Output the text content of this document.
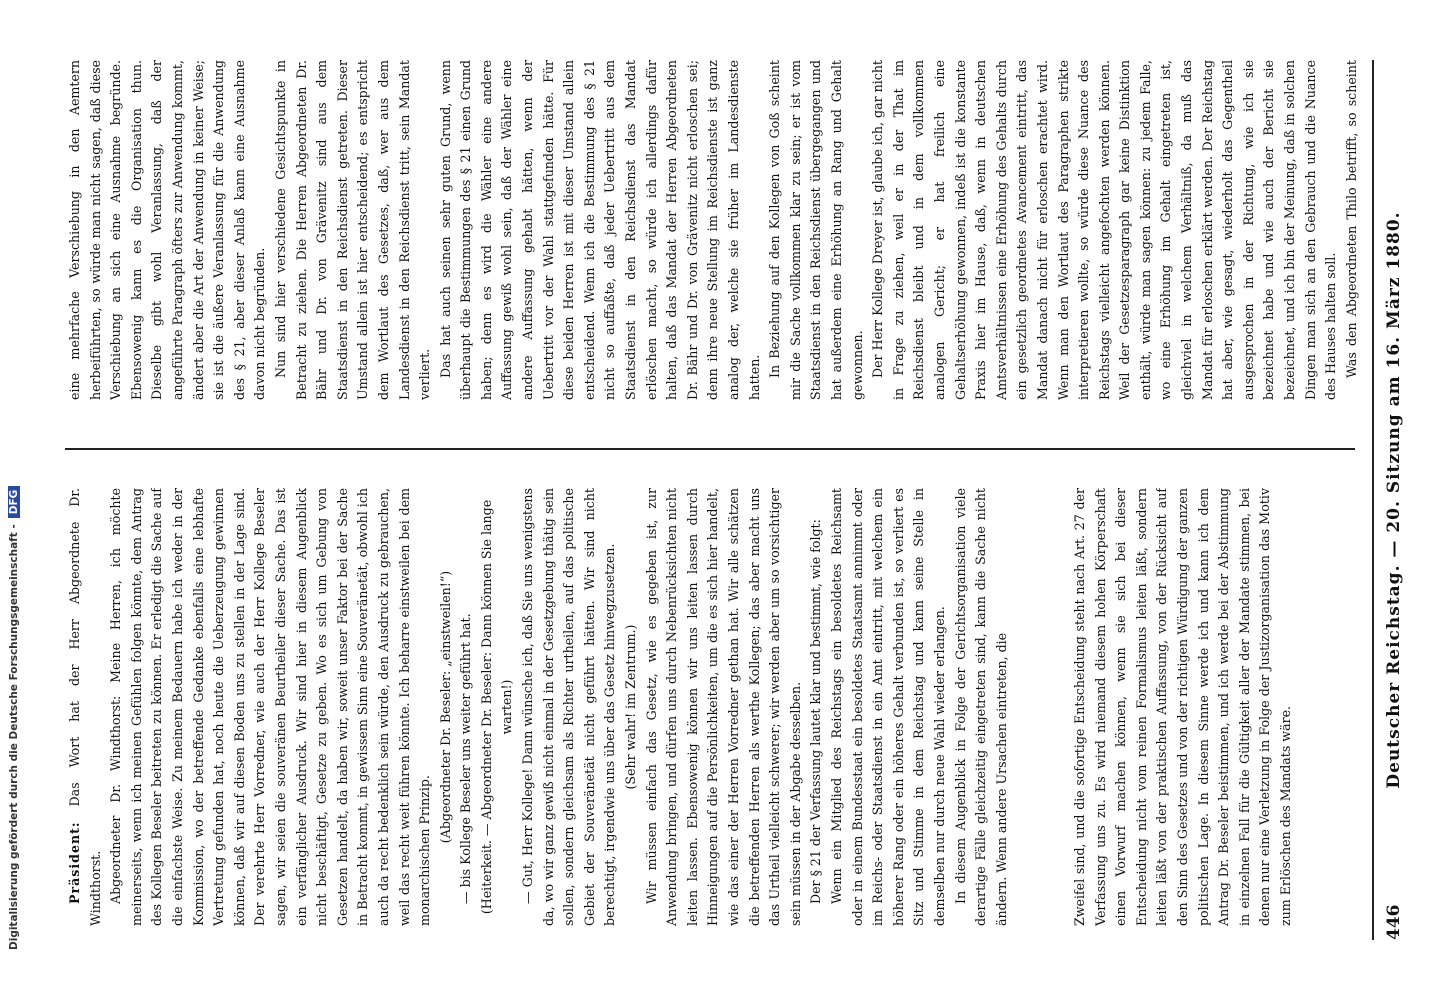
446
Deutscher Reichstag. — 20. Sitzung am 16. März 1880.

Zweifel sind, und die sofortige Entscheidung steht nach Art. 27 der Verfassung uns zu. Es wird niemand diesem hohen Körperschaft einen Vorwurf machen können, wenn sie sich bei dieser Entscheidung nicht vom reinen Formalismus leiten läßt, sondern leiten läßt von der praktischen Auffassung, von der Rücksicht auf den Sinn des Gesetzes und von der richtigen Würdigung der ganzen politischen Lage. In diesem Sinne werde ich und kann ich dem Antrag Dr. Beseler beistimmen, und ich werde bei der Abstimmung in einzelnen Fall für die Gültigkeit aller der Mandate stimmen, bei denen nur eine Verletzung in Folge der Justizorganisation das Motiv zum Erlöschen des Mandats wäre.

Präsident: Das Wort hat der Herr Abgeordnete Dr. Windthorst. Abgeordneter Dr. Windthorst: Meine Herren, ich möchte meinerseits, wenn ich meinen Gefühlen folgen könnte, dem Antrag des Kollegen Beseler beitreten zu können. Er erledigt die Sache auf die einfachste Weise. Zu meinem Bedauern habe ich weder in der Kommission, wo der betreffende Gedanke ebenfalls eine lebhafte Vertretung gefunden hat, noch heute die Ueberzeugung gewinnen können, daß wir auf diesen Boden uns zu stellen in der Lage sind. Der verehrte Herr Vorredner, wie auch der Herr Kollege Beseler sagen, wir seien die souveränen Beurtheiler dieser Sache. Das ist ein verfänglicher Ausdruck. Wir sind hier in diesem Augenblick nicht beschäftigt, Gesetze zu geben. Wo es sich um Gebung von Gesetzen handelt, da haben wir, soweit unser Faktor bei der Sache in Betracht kommt, in gewissem Sinn eine Souveränetät, obwohl ich auch da recht bedenklich sein würde, den Ausdruck zu gebrauchen, weil das recht weit führen könnte. Ich beharre einstweilen bei dem monarchischen Prinzip.

(Abgeordneter Dr. Beseler: „einstweilen!“) — bis Kollege Beseler uns weiter geführt hat. (Heiterkeit. — Abgeordneter Dr. Beseler: Dann können Sie lange warten!) — Gut, Herr Kollege! Dann wünsche ich, daß Sie uns wenigstens da, wo wir ganz gewiß nicht einmal in der Gesetzgebung thätig sein sollen, sondern gleichsam als Richter urtheilen, auf das politische Gebiet der Souveränetät nicht geführt hätten. Wir sind nicht berechtigt, irgendwie uns über das Gesetz hinwegzusetzen. (Sehr wahr! im Zentrum.) Wir müssen einfach das Gesetz, wie es gegeben ist, zur Anwendung bringen, und dürfen uns durch Nebenrücksichten nicht leiten lassen. Ebensowenig können wir uns leiten lassen durch Hinneigungen auf die Persönlichkeiten, um die es sich hier handelt, wie das einer der Herren Vorredner gethan hat. Wir alle schätzen die betreffenden Herren als werthe Kollegen; das aber macht uns das Urtheil vielleicht schwerer; wir werden aber um so vorsichtiger sein müssen in der Abgabe desselben. Der § 21 der Verfassung lautet klar und bestimmt, wie folgt: Wenn ein Mitglied des Reichstags ein besoldetes Reichsamt oder in einem Bundesstaat ein besoldetes Staatsamt annimmt oder im Reichs- oder Staatsdienst in ein Amt eintritt, mit welchem ein höherer Rang oder ein höheres Gehalt verbunden ist, so verliert es Sitz und Stimme in dem Reichstag und kann seine Stelle in demselben nur durch neue Wahl wieder erlangen. In diesem Augenblick in Folge der Gerichtsorganisation viele derartige Fälle gleichzeitig eingetreten sind, kann die Sache nicht ändern. Wenn andere Ursachen eintreten, die

eine mehrfache Verschiebung in den Aemtern herbeiführten, so würde man nicht sagen, daß diese Verschiebung an sich eine Ausnahme begründe. Ebensowenig kann es die Organisation thun. Dieselbe gibt wohl Veranlassung, daß der angeführte Paragraph öfters zur Anwendung kommt, ändert aber die Art der Anwendung in keiner Weise; sie ist die äußere Veranlassung für die Anwendung des § 21, aber dieser Anlaß kann eine Ausnahme davon nicht begründen. Nun sind hier verschiedene Gesichtspunkte in Betracht zu ziehen. Die Herren Abgeordneten Dr. Bähr und Dr. von Grävenitz sind aus dem Staatsdienst in den Reichsdienst getreten. Dieser Umstand allein ist hier entscheidend; es entspricht dem Wortlaut des Gesetzes, daß, wer aus dem Landesdienst in den Reichsdienst tritt, sein Mandat verliert. Das hat auch seinen sehr guten Grund, wenn überhaupt die Bestimmungen des § 21 einen Grund haben; denn es wird die Wähler eine andere Auffassung gewiß wohl sein, daß der Wähler eine andere Auffassung gehabt hätten, wenn der Uebertritt vor der Wahl stattgefunden hätte. Für diese beiden Herren ist mit dieser Umstand allein entscheidend. Wenn ich die Bestimmung des § 21 nicht so auffaßte, daß jeder Uebertritt aus dem Staatsdienst in den Reichsdienst das Mandat erlöschen macht, so würde ich allerdings dafür halten, daß das Mandat der Herren Abgeordneten Dr. Bähr und Dr. von Grävenitz nicht erloschen sei; denn ihre neue Stellung im Reichsdienste ist ganz analog der, welche sie früher im Landesdienste hatten. In Beziehung auf den Kollegen von Goß scheint mir die Sache vollkommen klar zu sein; er ist vom Staatsdienst in den Reichsdienst übergegangen und hat außerdem eine Erhöhung an Rang und Gehalt gewonnen. Der Herr Kollege Dreyer ist, glaube ich, gar nicht in Frage zu ziehen, weil er in der That im Reichsdienst bleibt und in dem vollkommen analogen Gericht; er hat freilich eine Gehaltserhöhung gewonnen, indeß ist die konstante Praxis hier im Hause, daß, wenn in deutschen Amtsverhältnissen eine Erhöhung des Gehalts durch ein gesetzlich geordnetes Avancement eintritt, das Mandat danach nicht für erloschen erachtet wird. Wenn man den Wortlaut des Paragraphen strikte interpretieren wollte, so würde diese Nuance des Reichstags vielleicht angefochten werden können. Weil der Gesetzesparagraph gar keine Distinktion enthält, würde man sagen können: zu jedem Falle, wo eine Erhöhung im Gehalt eingetreten ist, gleichviel in welchem Verhältniß, da muß das Mandat für erloschen erklärt werden. Der Reichstag hat aber, wie gesagt, wiederholt das Gegentheil ausgesprochen in der Richtung, wie ich sie bezeichnet habe und wie auch der Bericht sie bezeichnet, und ich bin der Meinung, daß in solchen Dingen man sich an den Gebrauch und die Nuance des Hauses halten soll. Was den Abgeordneten Thilo betrifft, so scheint

Digitalisierung gefördert durch die Deutsche Forschungsgemeinschaft -DFG
